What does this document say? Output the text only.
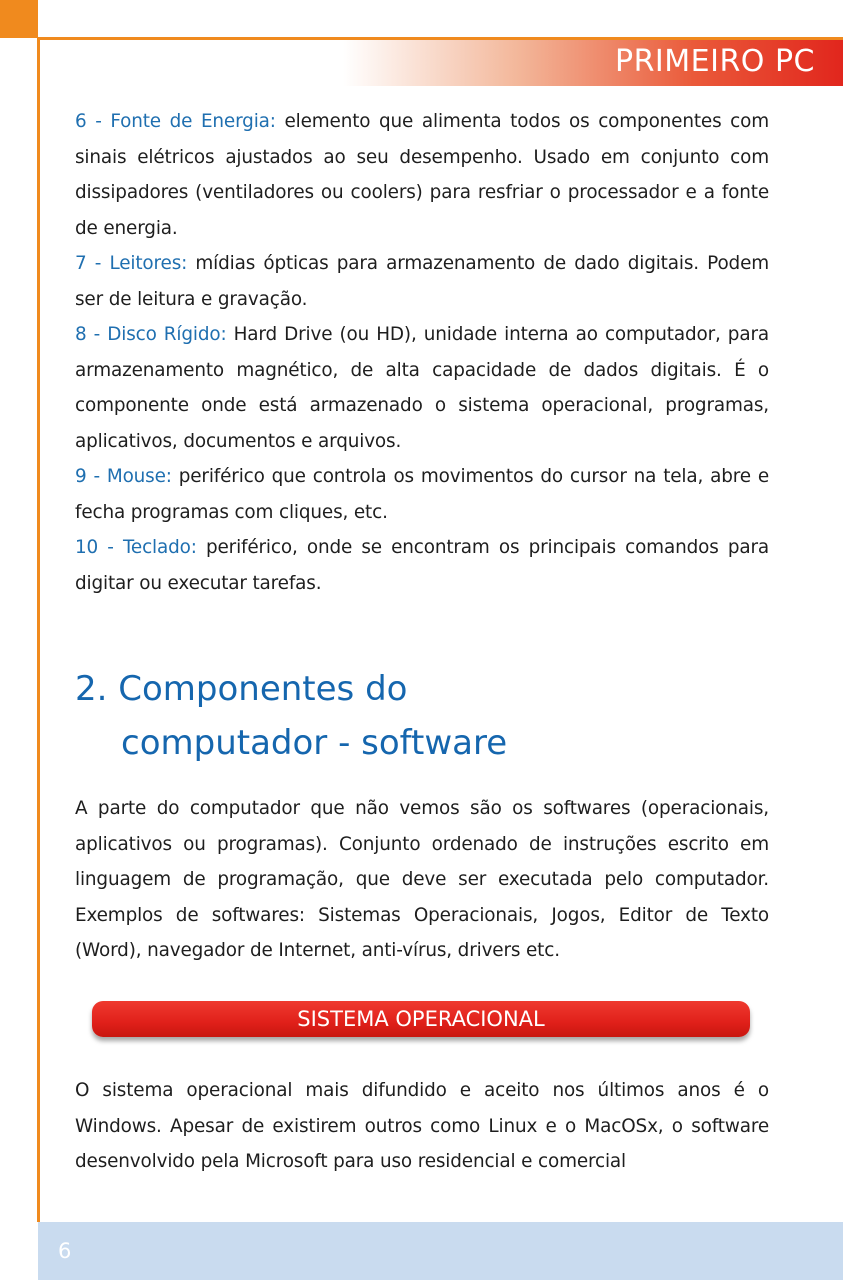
PRIMEIRO PC

6 - Fonte de Energia: elemento que alimenta todos os componentes com sinais elétricos ajustados ao seu desempenho. Usado em conjunto com dissipadores (ventiladores ou coolers) para resfriar o processador e a fonte de energia.

7 - Leitores: mídias ópticas para armazenamento de dado digitais. Podem ser de leitura e gravação.

8 - Disco Rígido: Hard Drive (ou HD), unidade interna ao computador, para armazenamento magnético, de alta capacidade de dados digitais. É o componente onde está armazenado o sistema operacional, programas, aplicativos, documentos e arquivos.

9 - Mouse: periférico que controla os movimentos do cursor na tela, abre e fecha programas com cliques, etc.

10 - Teclado: periférico, onde se encontram os principais comandos para digitar ou executar tarefas.

2. Componentes do
computador - software

A parte do computador que não vemos são os softwares (operacionais, aplicativos ou programas). Conjunto ordenado de instruções escrito em linguagem de programação, que deve ser executada pelo computador. Exemplos de softwares: Sistemas Operacionais, Jogos, Editor de Texto (Word), navegador de Internet, anti-vírus, drivers etc.

SISTEMA OPERACIONAL

O sistema operacional mais difundido e aceito nos últimos anos é o Windows. Apesar de existirem outros como Linux e o MacOSx, o software desenvolvido pela Microsoft para uso residencial e comercial

6
